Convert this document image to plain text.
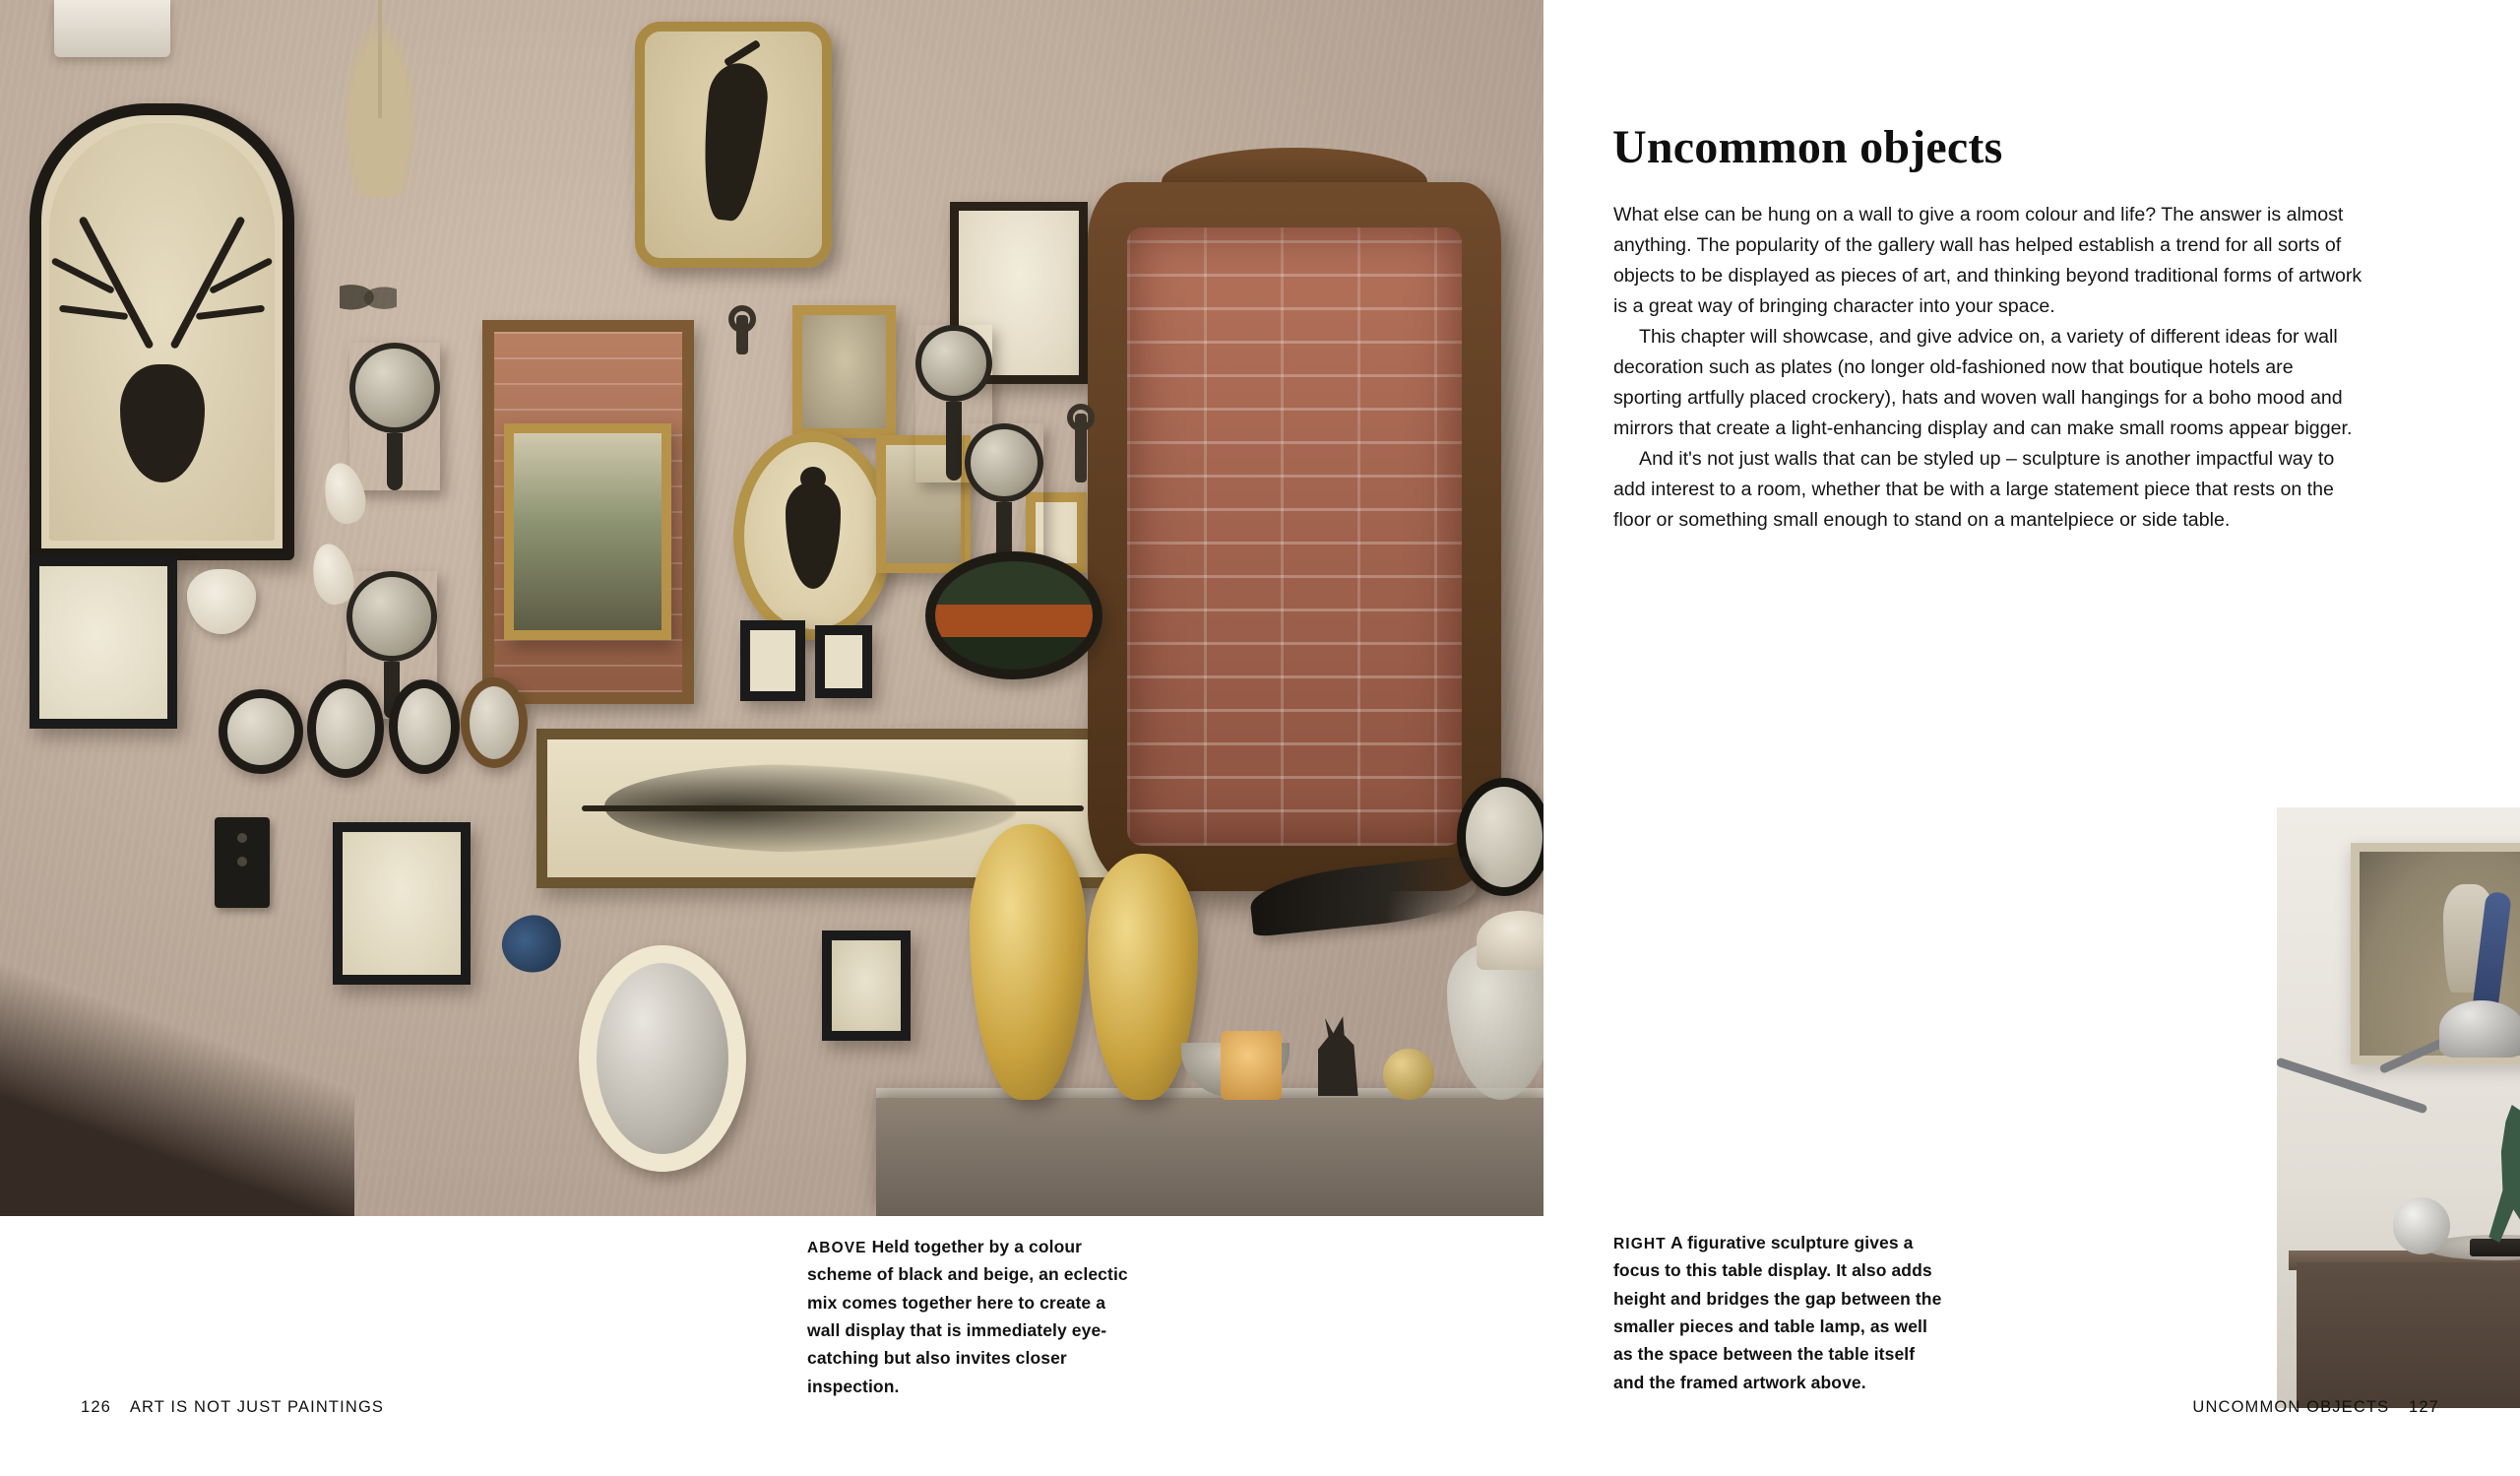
ABOVE Held together by a colour scheme of black and beige, an eclectic mix comes together here to create a wall display that is immediately eye-catching but also invites closer inspection.
126 ART IS NOT JUST PAINTINGS
Uncommon objects

What else can be hung on a wall to give a room colour and life? The answer is almost anything. The popularity of the gallery wall has helped establish a trend for all sorts of objects to be displayed as pieces of art, and thinking beyond traditional forms of artwork is a great way of bringing character into your space.

This chapter will showcase, and give advice on, a variety of different ideas for wall decoration such as plates (no longer old-fashioned now that boutique hotels are sporting artfully placed crockery), hats and woven wall hangings for a boho mood and mirrors that create a light-enhancing display and can make small rooms appear bigger.

And it's not just walls that can be styled up – sculpture is another impactful way to add interest to a room, whether that be with a large statement piece that rests on the floor or something small enough to stand on a mantelpiece or side table.

RIGHT A figurative sculpture gives a focus to this table display. It also adds height and bridges the gap between the smaller pieces and table lamp, as well as the space between the table itself and the framed artwork above.
UNCOMMON OBJECTS 127
